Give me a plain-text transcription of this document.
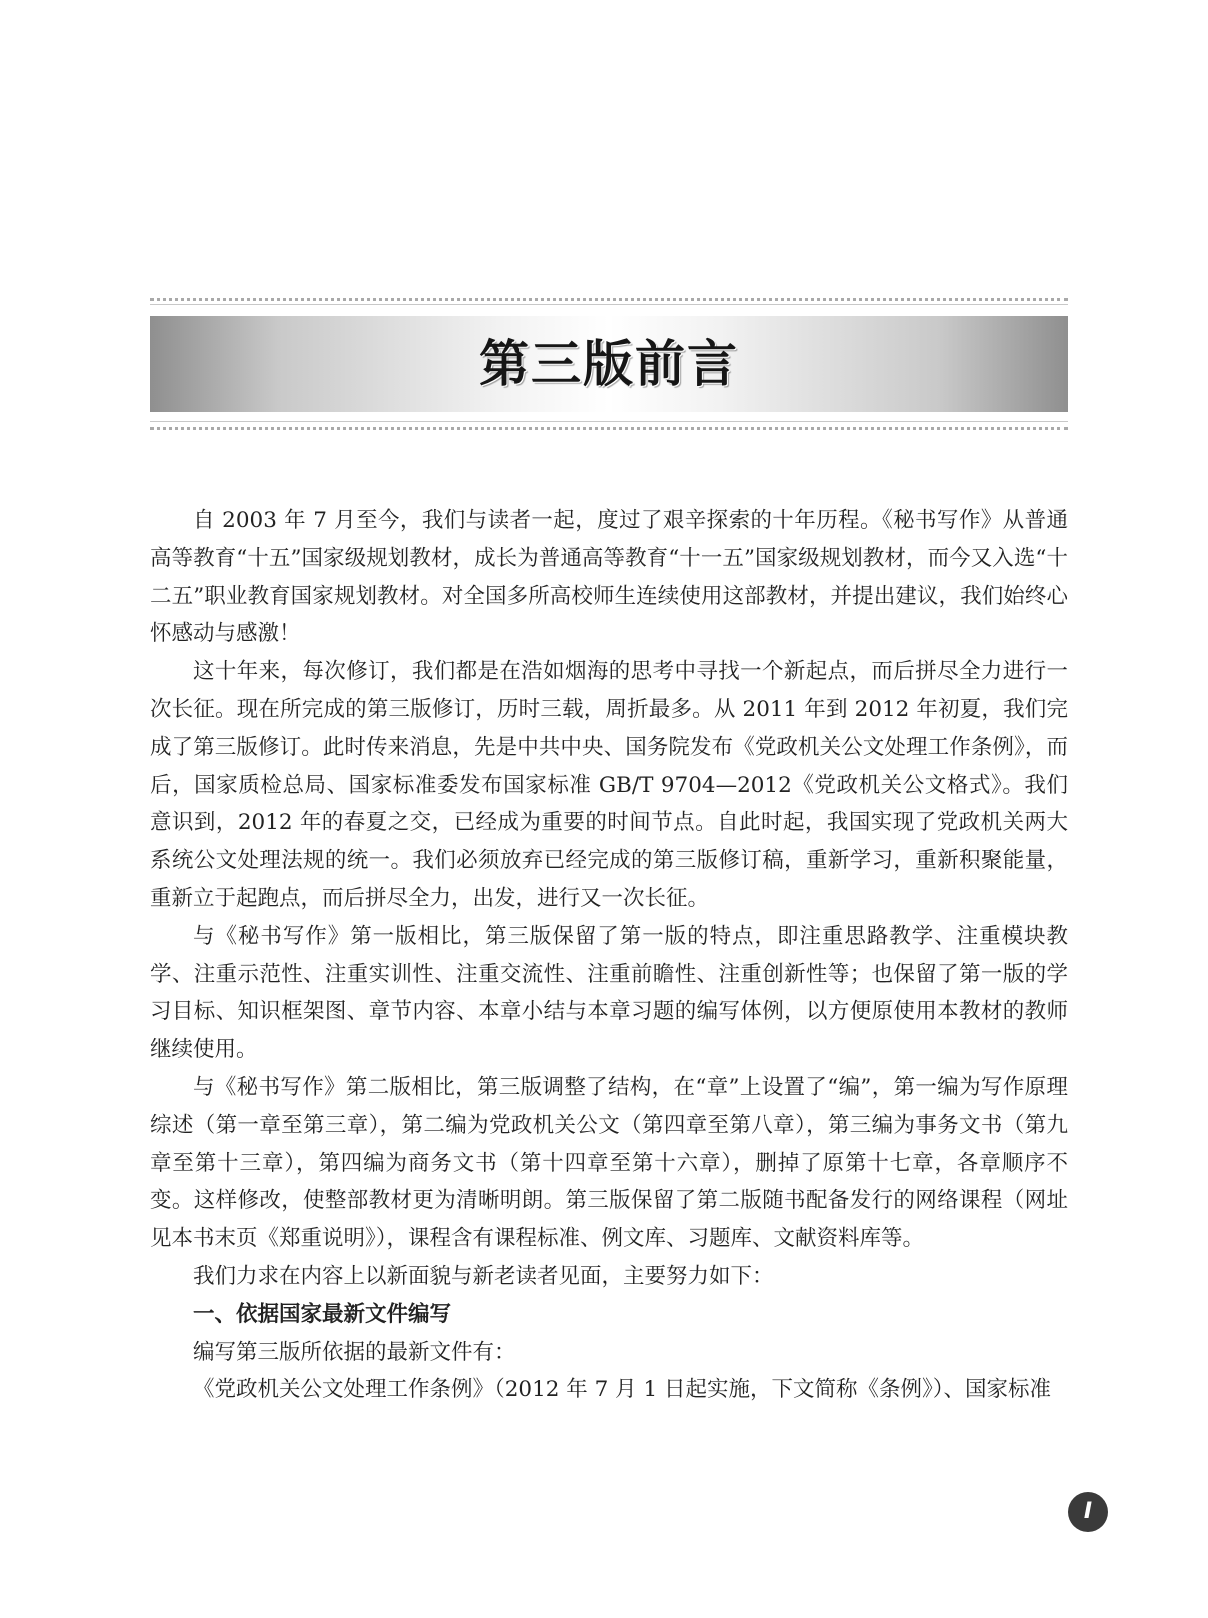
第三版前言

自 2003 年 7 月至今，我们与读者一起，度过了艰辛探索的十年历程。《秘书写作》从普通高等教育“十五”国家级规划教材，成长为普通高等教育“十一五”国家级规划教材，而今又入选“十二五”职业教育国家规划教材。对全国多所高校师生连续使用这部教材，并提出建议，我们始终心怀感动与感激！

这十年来，每次修订，我们都是在浩如烟海的思考中寻找一个新起点，而后拼尽全力进行一次长征。现在所完成的第三版修订，历时三载，周折最多。从 2011 年到 2012 年初夏，我们完成了第三版修订。此时传来消息，先是中共中央、国务院发布《党政机关公文处理工作条例》，而后，国家质检总局、国家标准委发布国家标准 GB/T 9704—2012《党政机关公文格式》。我们意识到，2012 年的春夏之交，已经成为重要的时间节点。自此时起，我国实现了党政机关两大系统公文处理法规的统一。我们必须放弃已经完成的第三版修订稿，重新学习，重新积聚能量，重新立于起跑点，而后拼尽全力，出发，进行又一次长征。

与《秘书写作》第一版相比，第三版保留了第一版的特点，即注重思路教学、注重模块教学、注重示范性、注重实训性、注重交流性、注重前瞻性、注重创新性等；也保留了第一版的学习目标、知识框架图、章节内容、本章小结与本章习题的编写体例，以方便原使用本教材的教师继续使用。

与《秘书写作》第二版相比，第三版调整了结构，在“章”上设置了“编”，第一编为写作原理综述（第一章至第三章），第二编为党政机关公文（第四章至第八章），第三编为事务文书（第九章至第十三章），第四编为商务文书（第十四章至第十六章），删掉了原第十七章，各章顺序不变。这样修改，使整部教材更为清晰明朗。第三版保留了第二版随书配备发行的网络课程（网址见本书末页《郑重说明》），课程含有课程标准、例文库、习题库、文献资料库等。

我们力求在内容上以新面貌与新老读者见面，主要努力如下：

一、依据国家最新文件编写

编写第三版所依据的最新文件有：

《党政机关公文处理工作条例》（2012 年 7 月 1 日起实施，下文简称《条例》）、国家标准

I
